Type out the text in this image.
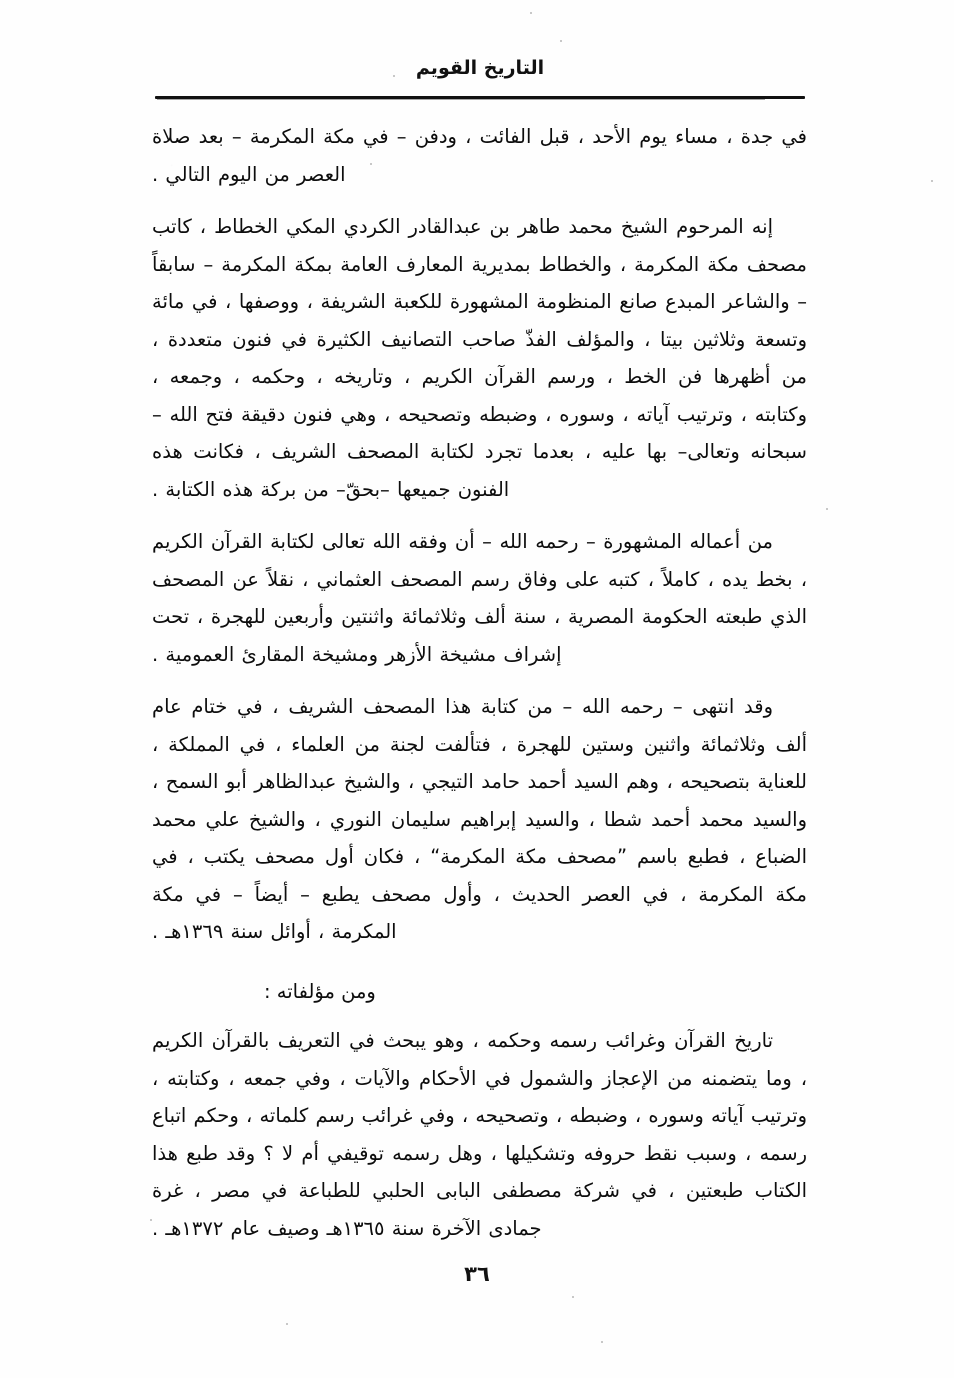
التاريخ القويم

في جدة ، مساء يوم الأحد ، قبل الفائت ، ودفن – في مكة المكرمة – بعد صلاة العصر من اليوم التالي .

إنه المرحوم الشيخ محمد طاهر بن عبدالقادر الكردي المكي الخطاط ، كاتب مصحف مكة المكرمة ، والخطاط بمديرية المعارف العامة بمكة المكرمة – سابقاً – والشاعر المبدع صانع المنظومة المشهورة للكعبة الشريفة ، ووصفها ، في مائة وتسعة وثلاثين بيتا ، والمؤلف الفذّ صاحب التصانيف الكثيرة في فنون متعددة ، من أظهرها فن الخط ، ورسم القرآن الكريم ، وتاريخه ، وحكمه ، وجمعه ، وكتابته ، وترتيب آياته ، وسوره ، وضبطه وتصحيحه ، وهي فنون دقيقة فتح الله –سبحانه وتعالى– بها عليه ، بعدما تجرد لكتابة المصحف الشريف ، فكانت هذه الفنون جميعها –بحقّ– من بركة هذه الكتابة .

من أعماله المشهورة – رحمه الله – أن وفقه الله تعالى لكتابة القرآن الكريم ، بخط يده ، كاملاً ، كتبه على وفاق رسم المصحف العثماني ، نقلاً عن المصحف الذي طبعته الحكومة المصرية ، سنة ألف وثلاثمائة واثنتين وأربعين للهجرة ، تحت إشراف مشيخة الأزهر ومشيخة المقارئ العمومية .

وقد انتهى – رحمه الله – من كتابة هذا المصحف الشريف ، في ختام عام ألف وثلاثمائة واثنين وستين للهجرة ، فتألفت لجنة من العلماء ، في المملكة ، للعناية بتصحيحه ، وهم السيد أحمد حامد التيجي ، والشيخ عبدالظاهر أبو السمح ، والسيد محمد أحمد شطا ، والسيد إبراهيم سليمان النوري ، والشيخ علي محمد الضباع ، فطبع باسم ”مصحف مكة المكرمة“ ، فكان أول مصحف يكتب ، في مكة المكرمة ، في العصر الحديث ، وأول مصحف يطبع – أيضاً – في مكة المكرمة ، أوائل سنة ١٣٦٩هـ .

ومن مؤلفاته :

تاريخ القرآن وغرائب رسمه وحكمه ، وهو يبحث في التعريف بالقرآن الكريم ، وما يتضمنه من الإعجاز والشمول في الأحكام والآيات ، وفي جمعه ، وكتابته ، وترتيب آياته وسوره ، وضبطه ، وتصحيحه ، وفي غرائب رسم كلماته ، وحكم اتباع رسمه ، وسبب نقط حروفه وتشكيلها ، وهل رسمه توقيفي أم لا ؟ وقد طبع هذا الكتاب طبعتين ، في شركة مصطفى البابى الحلبي للطباعة في مصر ، غرة جمادى الآخرة سنة ١٣٦٥هـ وصيف عام ١٣٧٢هـ .

٣٦
